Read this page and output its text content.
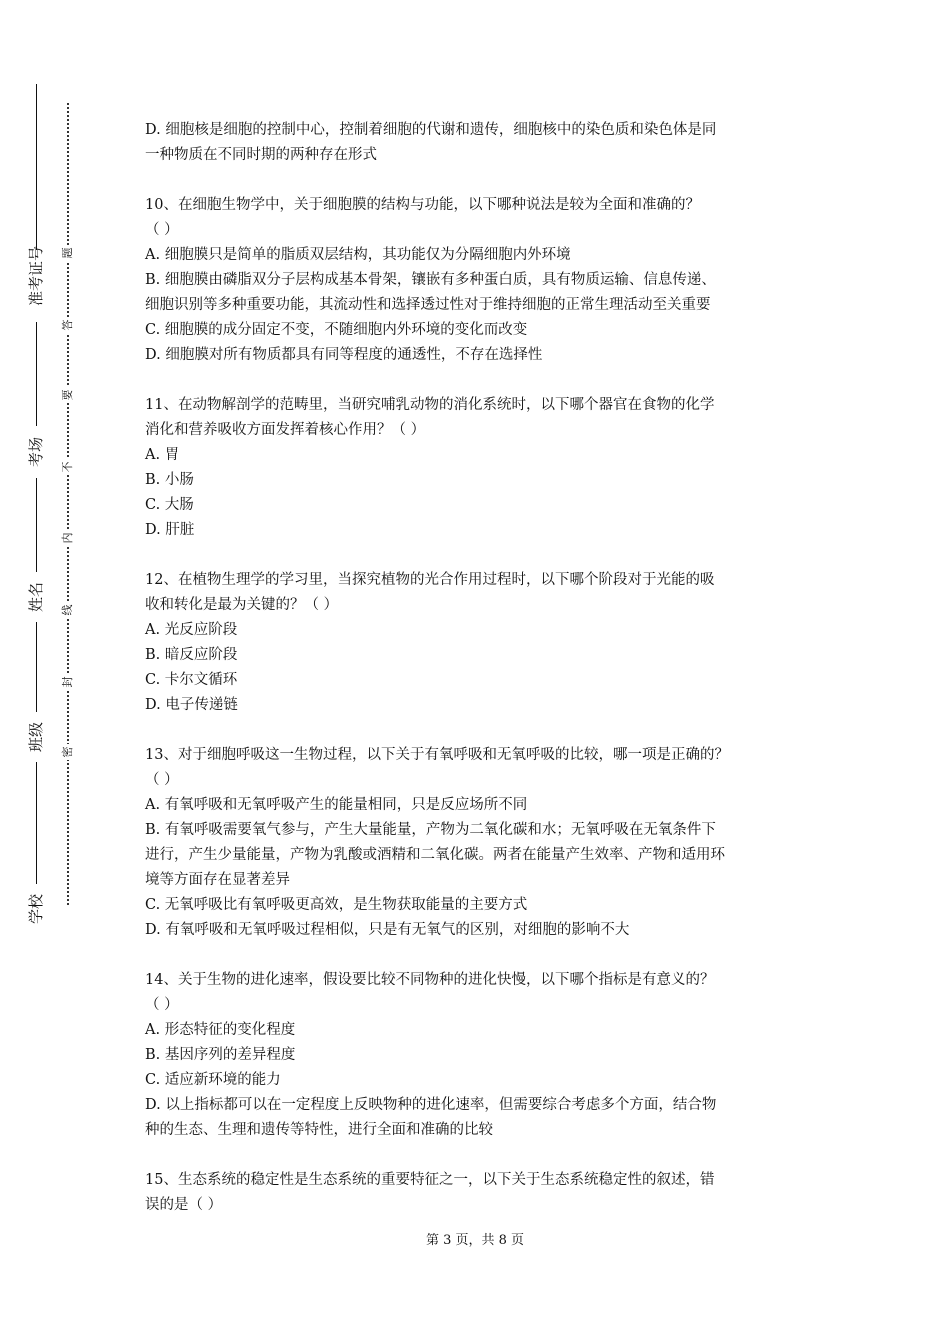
准考证号
考场
姓名
班级
学校
题
答
要
不
内
线
封
密

D. 细胞核是细胞的控制中心，控制着细胞的代谢和遗传，细胞核中的染色质和染色体是同

一种物质在不同时期的两种存在形式

10、在细胞生物学中，关于细胞膜的结构与功能，以下哪种说法是较为全面和准确的？

（ ）

A. 细胞膜只是简单的脂质双层结构，其功能仅为分隔细胞内外环境

B. 细胞膜由磷脂双分子层构成基本骨架，镶嵌有多种蛋白质，具有物质运输、信息传递、

细胞识别等多种重要功能，其流动性和选择透过性对于维持细胞的正常生理活动至关重要

C. 细胞膜的成分固定不变，不随细胞内外环境的变化而改变

D. 细胞膜对所有物质都具有同等程度的通透性，不存在选择性

11、在动物解剖学的范畴里，当研究哺乳动物的消化系统时，以下哪个器官在食物的化学

消化和营养吸收方面发挥着核心作用？（ ）

A. 胃

B. 小肠

C. 大肠

D. 肝脏

12、在植物生理学的学习里，当探究植物的光合作用过程时，以下哪个阶段对于光能的吸

收和转化是最为关键的？（ ）

A. 光反应阶段

B. 暗反应阶段

C. 卡尔文循环

D. 电子传递链

13、对于细胞呼吸这一生物过程，以下关于有氧呼吸和无氧呼吸的比较，哪一项是正确的？

（ ）

A. 有氧呼吸和无氧呼吸产生的能量相同，只是反应场所不同

B. 有氧呼吸需要氧气参与，产生大量能量，产物为二氧化碳和水；无氧呼吸在无氧条件下

进行，产生少量能量，产物为乳酸或酒精和二氧化碳。两者在能量产生效率、产物和适用环

境等方面存在显著差异

C. 无氧呼吸比有氧呼吸更高效，是生物获取能量的主要方式

D. 有氧呼吸和无氧呼吸过程相似，只是有无氧气的区别，对细胞的影响不大

14、关于生物的进化速率，假设要比较不同物种的进化快慢，以下哪个指标是有意义的？

（ ）

A. 形态特征的变化程度

B. 基因序列的差异程度

C. 适应新环境的能力

D. 以上指标都可以在一定程度上反映物种的进化速率，但需要综合考虑多个方面，结合物

种的生态、生理和遗传等特性，进行全面和准确的比较

15、生态系统的稳定性是生态系统的重要特征之一，以下关于生态系统稳定性的叙述，错

误的是（ ）

第 3 页，共 8 页
